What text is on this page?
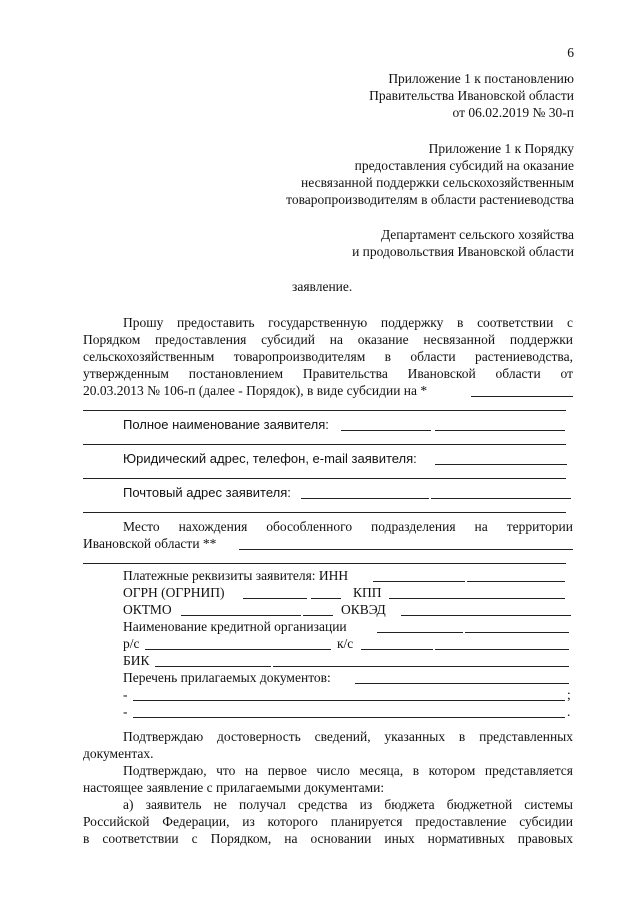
6
Приложение 1 к постановлению
Правительства Ивановской области
от 06.02.2019 № 30-п
Приложение 1 к Порядку
предоставления субсидий на оказание
несвязанной поддержки сельскохозяйственным
товаропроизводителям в области растениеводства
Департамент сельского хозяйства
и продовольствия Ивановской области
заявление.
Прошу предоставить государственную поддержку в соответствии с
Порядком предоставления субсидий на оказание несвязанной поддержки
сельскохозяйственным товаропроизводителям в области растениеводства,
утвержденным постановлением Правительства Ивановской области от
20.03.2013 № 106-п (далее - Порядок), в виде субсидии на *
Полное наименование заявителя:
Юридический адрес, телефон, e-mail заявителя:
Почтовый адрес заявителя:
Место нахождения обособленного подразделения на территории
Ивановской области **
Платежные реквизиты заявителя: ИНН
ОГРН (ОГРНИП)	КПП
ОКТМО	ОКВЭД
Наименование кредитной организации
р/с	к/с
БИК
Перечень прилагаемых документов:
-	;
-	.
Подтверждаю достоверность сведений, указанных в представленных
документах.
Подтверждаю, что на первое число месяца, в котором представляется
настоящее заявление с прилагаемыми документами:
а) заявитель не получал средства из бюджета бюджетной системы
Российской Федерации, из которого планируется предоставление субсидии
в соответствии с Порядком, на основании иных нормативных правовых
